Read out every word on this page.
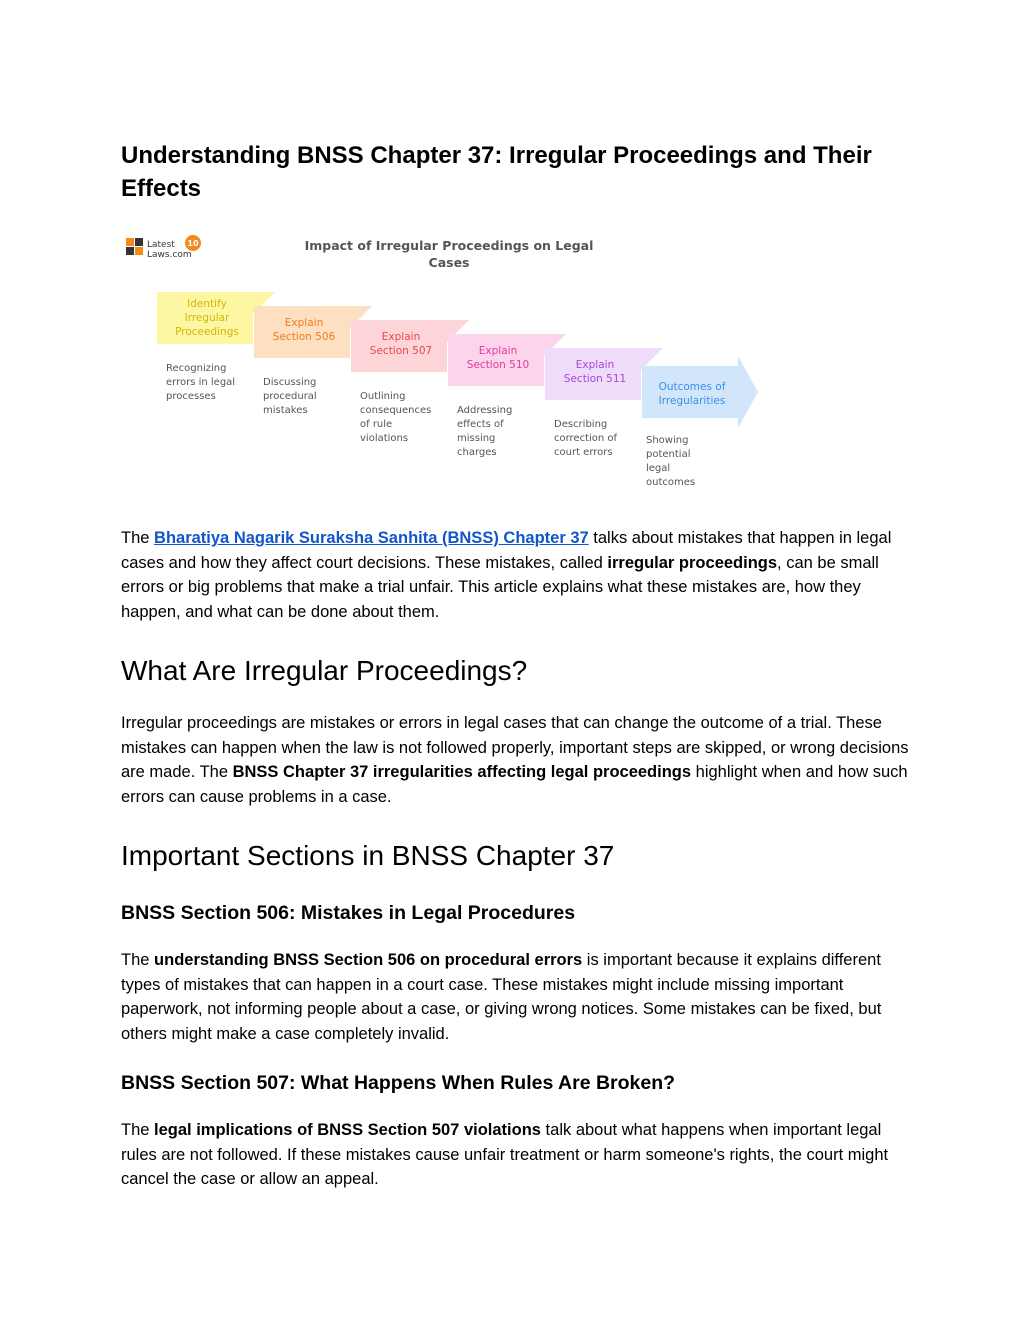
Understanding BNSS Chapter 37: Irregular Proceedings and Their Effects
Latest
Laws.com
10	Impact of Irregular Proceedings on Legal
Cases
Identify
Irregular
Proceedings
Recognizing
errors in legal
processes
Explain
Section 506
Discussing
procedural
mistakes
Explain
Section 507
Outlining
consequences
of rule
violations
Explain
Section 510
Addressing
effects of
missing
charges
Explain
Section 511
Describing
correction of
court errors
Outcomes of
Irregularities
Showing
potential
legal
outcomes

The Bharatiya Nagarik Suraksha Sanhita (BNSS) Chapter 37 talks about mistakes that happen in legal cases and how they affect court decisions. These mistakes, called irregular proceedings, can be small errors or big problems that make a trial unfair. This article explains what these mistakes are, how they happen, and what can be done about them.

What Are Irregular Proceedings?

Irregular proceedings are mistakes or errors in legal cases that can change the outcome of a trial. These mistakes can happen when the law is not followed properly, important steps are skipped, or wrong decisions are made. The BNSS Chapter 37 irregularities affecting legal proceedings highlight when and how such errors can cause problems in a case.

Important Sections in BNSS Chapter 37
BNSS Section 506: Mistakes in Legal Procedures

The understanding BNSS Section 506 on procedural errors is important because it explains different types of mistakes that can happen in a court case. These mistakes might include missing important paperwork, not informing people about a case, or giving wrong notices. Some mistakes can be fixed, but others might make a case completely invalid.

BNSS Section 507: What Happens When Rules Are Broken?

The legal implications of BNSS Section 507 violations talk about what happens when important legal rules are not followed. If these mistakes cause unfair treatment or harm someone's rights, the court might cancel the case or allow an appeal.
